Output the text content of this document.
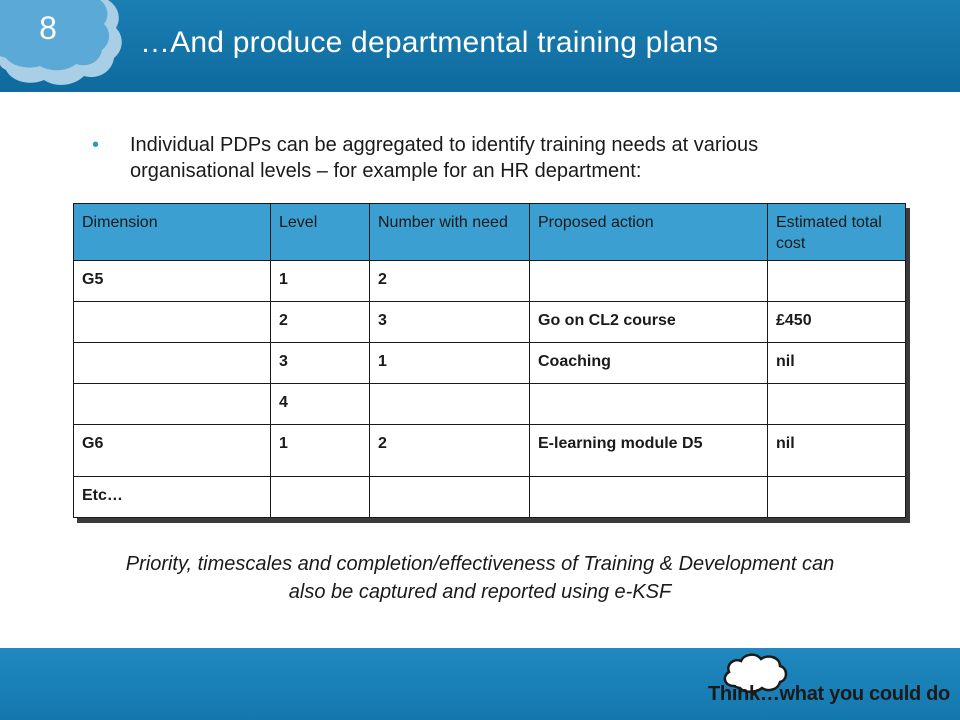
8	…And produce departmental training plans
•	Individual PDPs can be aggregated to identify training needs at various organisational levels – for example for an HR department:
Dimension	Level	Number with need	Proposed action	Estimated total cost
G5	1	2		
	2	3	Go on CL2 course	£450
	3	1	Coaching	nil
	4			
G6	1	2	E-learning module D5	nil
Etc…				
Priority, timescales and completion/effectiveness of Training & Development can also be captured and reported using e-KSF
Think…what you could do
